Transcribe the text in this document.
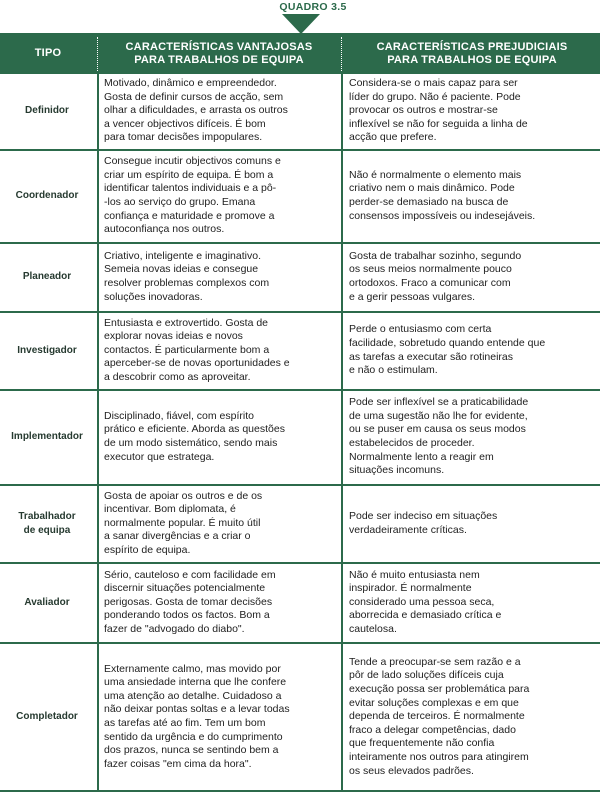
QUADRO 3.5
TIPO
CARACTERÍSTICAS VANTAJOSAS
PARA TRABALHOS DE EQUIPA
CARACTERÍSTICAS PREJUDICIAIS
PARA TRABALHOS DE EQUIPA
Definidor
Motivado, dinâmico e empreendedor.
Gosta de definir cursos de acção, sem
olhar a dificuldades, e arrasta os outros
a vencer objectivos difíceis. É bom
para tomar decisões impopulares.
Considera-se o mais capaz para ser
líder do grupo. Não é paciente. Pode
provocar os outros e mostrar-se
inflexível se não for seguida a linha de
acção que prefere.
Coordenador
Consegue incutir objectivos comuns e
criar um espírito de equipa. É bom a
identificar talentos individuais e a pô-
-los ao serviço do grupo. Emana
confiança e maturidade e promove a
autoconfiança nos outros.
Não é normalmente o elemento mais
criativo nem o mais dinâmico. Pode
perder-se demasiado na busca de
consensos impossíveis ou indesejáveis.
Planeador
Criativo, inteligente e imaginativo.
Semeia novas ideias e consegue
resolver problemas complexos com
soluções inovadoras.
Gosta de trabalhar sozinho, segundo
os seus meios normalmente pouco
ortodoxos. Fraco a comunicar com
e a gerir pessoas vulgares.
Investigador
Entusiasta e extrovertido. Gosta de
explorar novas ideias e novos
contactos. É particularmente bom a
aperceber-se de novas oportunidades e
a descobrir como as aproveitar.
Perde o entusiasmo com certa
facilidade, sobretudo quando entende que
as tarefas a executar são rotineiras
e não o estimulam.
Implementador
Disciplinado, fiável, com espírito
prático e eficiente. Aborda as questões
de um modo sistemático, sendo mais
executor que estratega.
Pode ser inflexível se a praticabilidade
de uma sugestão não lhe for evidente,
ou se puser em causa os seus modos
estabelecidos de proceder.
Normalmente lento a reagir em
situações incomuns.
Trabalhador
de equipa
Gosta de apoiar os outros e de os
incentivar. Bom diplomata, é
normalmente popular. É muito útil
a sanar divergências e a criar o
espírito de equipa.
Pode ser indeciso em situações
verdadeiramente críticas.
Avaliador
Sério, cauteloso e com facilidade em
discernir situações potencialmente
perigosas. Gosta de tomar decisões
ponderando todos os factos. Bom a
fazer de "advogado do diabo".
Não é muito entusiasta nem
inspirador. É normalmente
considerado uma pessoa seca,
aborrecida e demasiado crítica e
cautelosa.
Completador
Externamente calmo, mas movido por
uma ansiedade interna que lhe confere
uma atenção ao detalhe. Cuidadoso a
não deixar pontas soltas e a levar todas
as tarefas até ao fim. Tem um bom
sentido da urgência e do cumprimento
dos prazos, nunca se sentindo bem a
fazer coisas "em cima da hora".
Tende a preocupar-se sem razão e a
pôr de lado soluções difíceis cuja
execução possa ser problemática para
evitar soluções complexas e em que
dependa de terceiros. É normalmente
fraco a delegar competências, dado
que frequentemente não confia
inteiramente nos outros para atingirem
os seus elevados padrões.
